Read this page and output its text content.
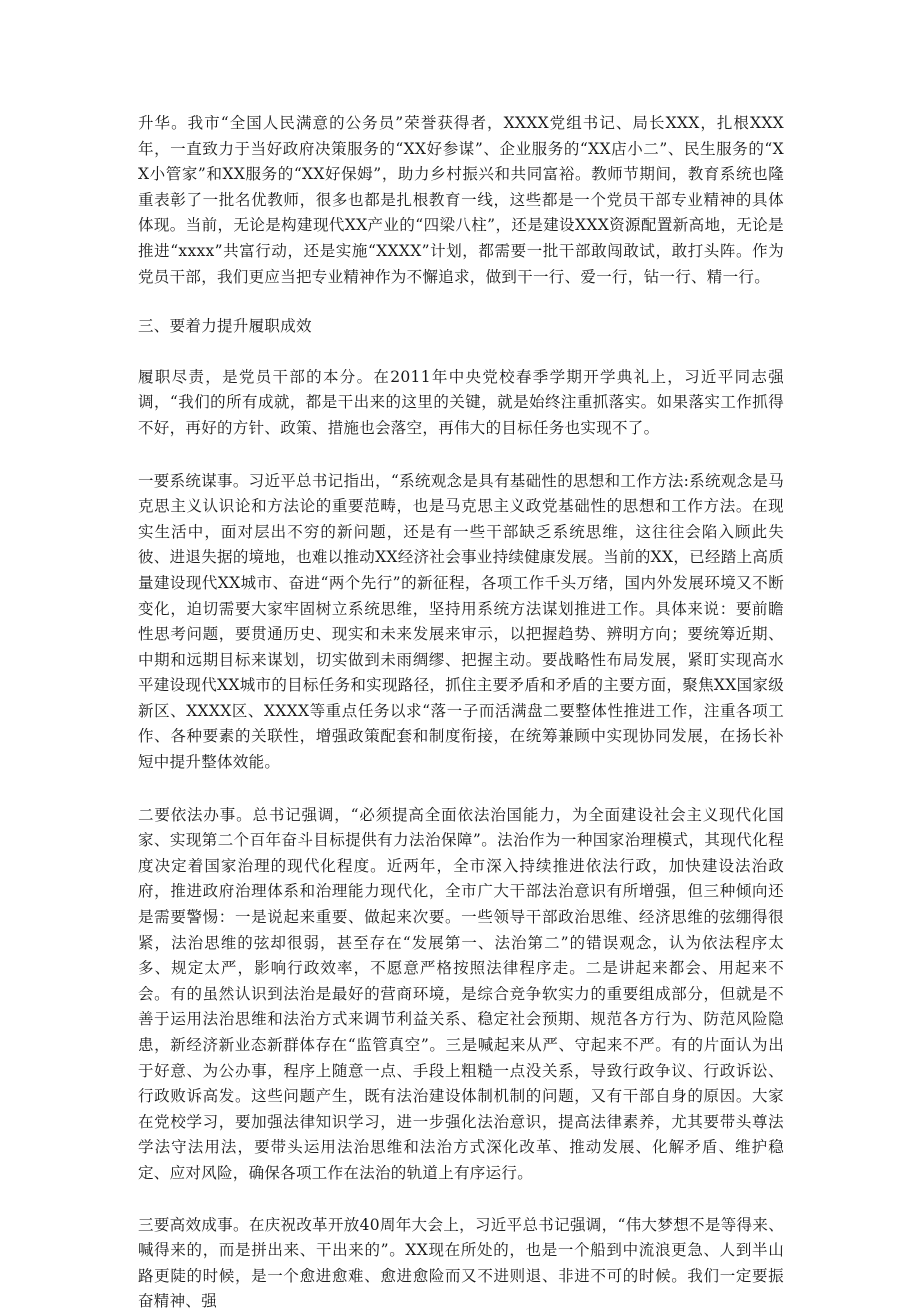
升华。我市“全国人民满意的公务员”荣誉获得者，XXXX党组书记、局长XXX，扎根XXX年，一直致力于当好政府决策服务的“XX好参谋”、企业服务的“XX店小二”、民生服务的“XX小管家”和XX服务的“XX好保姆”，助力乡村振兴和共同富裕。教师节期间，教育系统也隆重表彰了一批名优教师，很多也都是扎根教育一线，这些都是一个党员干部专业精神的具体体现。当前，无论是构建现代XX产业的“四梁八柱”，还是建设XXX资源配置新高地，无论是推进“xxxx”共富行动，还是实施“XXXX”计划，都需要一批干部敢闯敢试，敢打头阵。作为党员干部，我们更应当把专业精神作为不懈追求，做到干一行、爱一行，钻一行、精一行。

三、要着力提升履职成效

履职尽责，是党员干部的本分。在2011年中央党校春季学期开学典礼上，习近平同志强调，“我们的所有成就，都是干出来的这里的关键，就是始终注重抓落实。如果落实工作抓得不好，再好的方针、政策、措施也会落空，再伟大的目标任务也实现不了。

一要系统谋事。习近平总书记指出，“系统观念是具有基础性的思想和工作方法:系统观念是马克思主义认识论和方法论的重要范畴，也是马克思主义政党基础性的思想和工作方法。在现实生活中，面对层出不穷的新问题，还是有一些干部缺乏系统思维，这往往会陷入顾此失彼、进退失据的境地，也难以推动XX经济社会事业持续健康发展。当前的XX，已经踏上高质量建设现代XX城市、奋进“两个先行”的新征程，各项工作千头万绪，国内外发展环境又不断变化，迫切需要大家牢固树立系统思维，坚持用系统方法谋划推进工作。具体来说：要前瞻性思考问题，要贯通历史、现实和未来发展来审示，以把握趋势、辨明方向；要统筹近期、中期和远期目标来谋划，切实做到未雨绸缪、把握主动。要战略性布局发展，紧盯实现高水平建设现代XX城市的目标任务和实现路径，抓住主要矛盾和矛盾的主要方面，聚焦XX国家级新区、XXXX区、XXXX等重点任务以求“落一子而活满盘二要整体性推进工作，注重各项工作、各种要素的关联性，增强政策配套和制度衔接，在统筹兼顾中实现协同发展，在扬长补短中提升整体效能。

二要依法办事。总书记强调，“必须提高全面依法治国能力，为全面建设社会主义现代化国家、实现第二个百年奋斗目标提供有力法治保障”。法治作为一种国家治理模式，其现代化程度决定着国家治理的现代化程度。近两年，全市深入持续推进依法行政，加快建设法治政府，推进政府治理体系和治理能力现代化，全市广大干部法治意识有所增强，但三种倾向还是需要警惕：一是说起来重要、做起来次要。一些领导干部政治思维、经济思维的弦绷得很紧，法治思维的弦却很弱，甚至存在“发展第一、法治第二”的错误观念，认为依法程序太多、规定太严，影响行政效率，不愿意严格按照法律程序走。二是讲起来都会、用起来不会。有的虽然认识到法治是最好的营商环境，是综合竞争软实力的重要组成部分，但就是不善于运用法治思维和法治方式来调节利益关系、稳定社会预期、规范各方行为、防范风险隐患，新经济新业态新群体存在“监管真空”。三是喊起来从严、守起来不严。有的片面认为出于好意、为公办事，程序上随意一点、手段上粗糙一点没关系，导致行政争议、行政诉讼、行政败诉高发。这些问题产生，既有法治建设体制机制的问题，又有干部自身的原因。大家在党校学习，要加强法律知识学习，进一步强化法治意识，提高法律素养，尤其要带头尊法学法守法用法，要带头运用法治思维和法治方式深化改革、推动发展、化解矛盾、维护稳定、应对风险，确保各项工作在法治的轨道上有序运行。

三要高效成事。在庆祝改革开放40周年大会上，习近平总书记强调，“伟大梦想不是等得来、喊得来的，而是拼出来、干出来的”。XX现在所处的，也是一个船到中流浪更急、人到半山路更陡的时候，是一个愈进愈难、愈进愈险而又不进则退、非进不可的时候。我们一定要振奋精神、强
